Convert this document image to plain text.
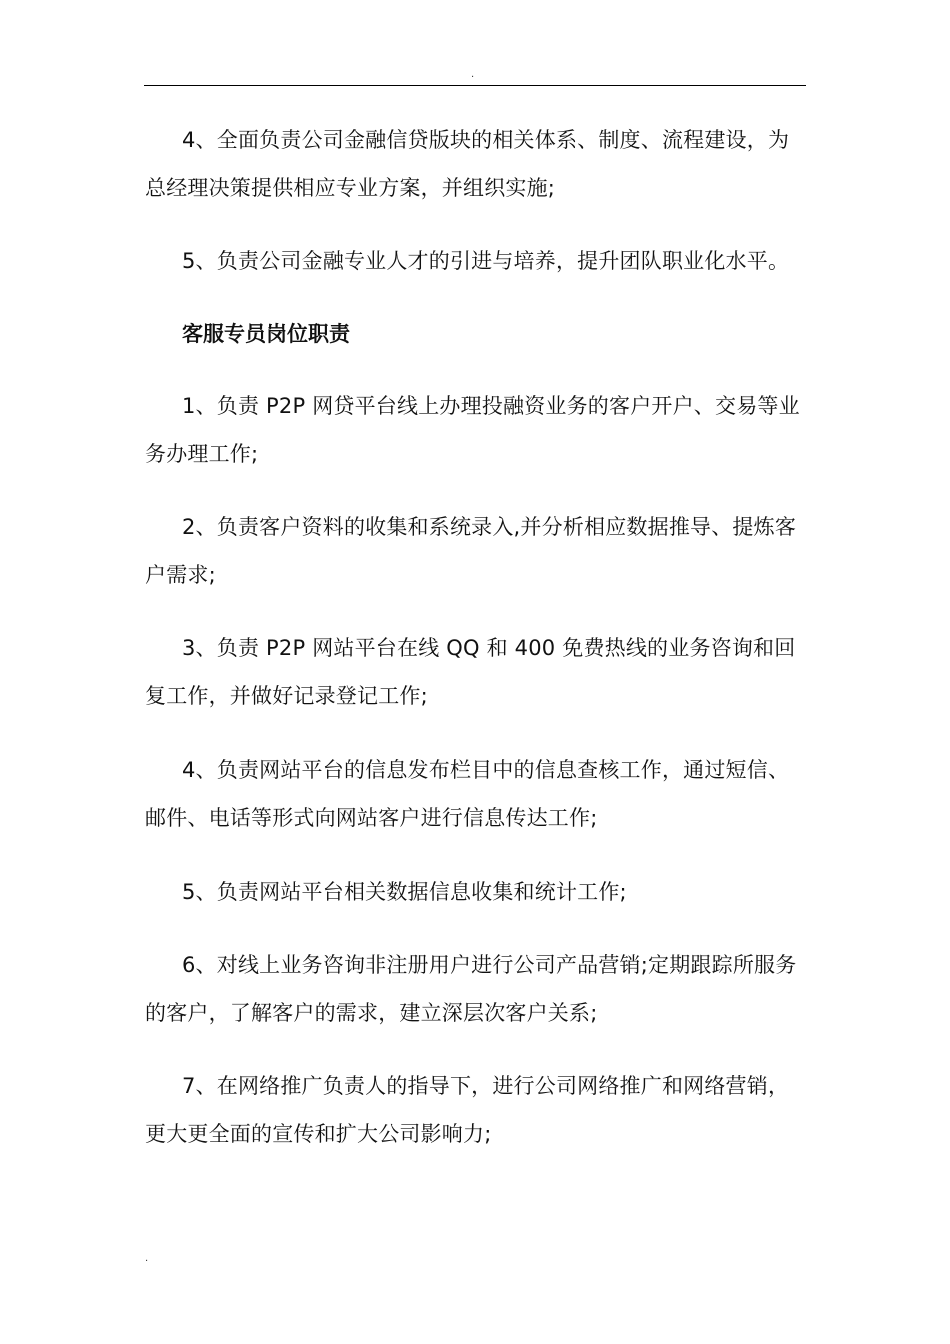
.

4、全面负责公司金融信贷版块的相关体系、制度、流程建设，为总经理决策提供相应专业方案，并组织实施;

5、负责公司金融专业人才的引进与培养，提升团队职业化水平。

客服专员岗位职责

1、负责 P2P 网贷平台线上办理投融资业务的客户开户、交易等业务办理工作;

2、负责客户资料的收集和系统录入,并分析相应数据推导、提炼客户需求;

3、负责 P2P 网站平台在线 QQ 和 400 免费热线的业务咨询和回复工作，并做好记录登记工作;

4、负责网站平台的信息发布栏目中的信息查核工作，通过短信、邮件、电话等形式向网站客户进行信息传达工作;

5、负责网站平台相关数据信息收集和统计工作;

6、对线上业务咨询非注册用户进行公司产品营销;定期跟踪所服务的客户，了解客户的需求，建立深层次客户关系;

7、在网络推广负责人的指导下，进行公司网络推广和网络营销，更大更全面的宣传和扩大公司影响力;

.
